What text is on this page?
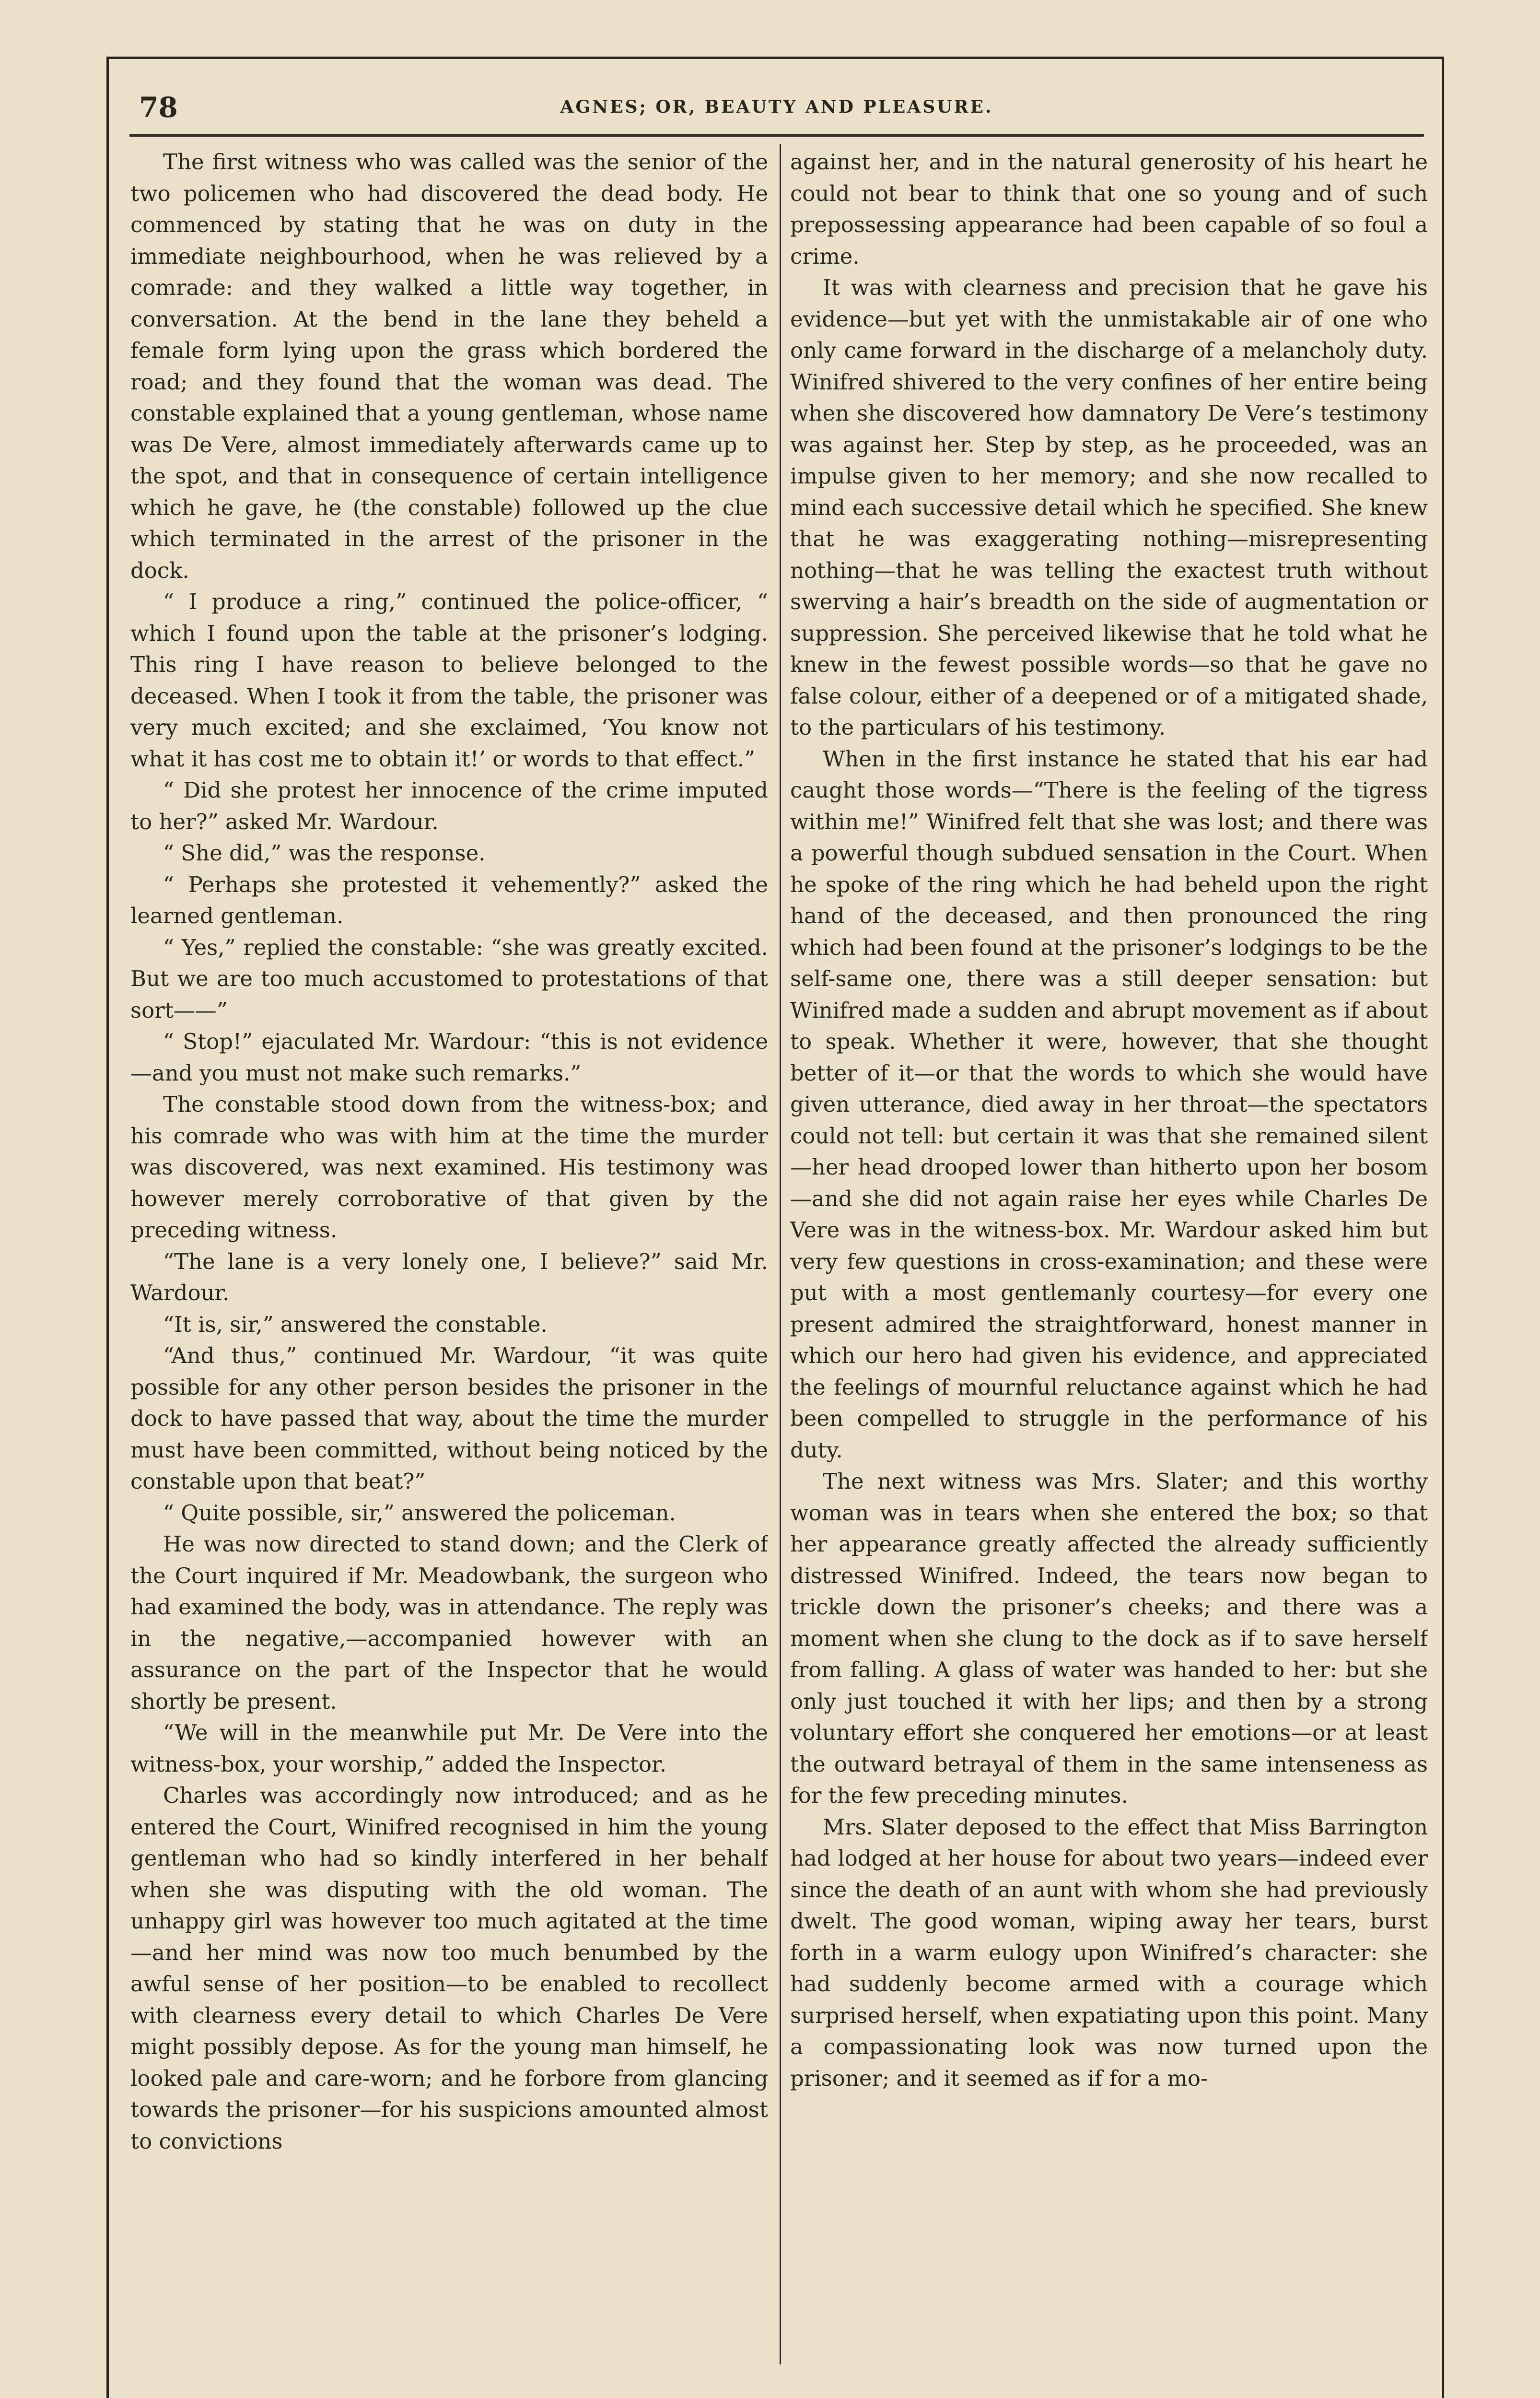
78	AGNES; OR, BEAUTY AND PLEASURE.

The first witness who was called was the senior of the two policemen who had discovered the dead body. He commenced by stating that he was on duty in the immediate neighbourhood, when he was relieved by a comrade: and they walked a little way together, in conversation. At the bend in the lane they beheld a female form lying upon the grass which bordered the road; and they found that the woman was dead. The constable explained that a young gentleman, whose name was De Vere, almost immediately afterwards came up to the spot, and that in consequence of certain intelligence which he gave, he (the constable) followed up the clue which terminated in the arrest of the prisoner in the dock.

“ I produce a ring,” continued the police-officer, “ which I found upon the table at the prisoner’s lodging. This ring I have reason to believe belonged to the deceased. When I took it from the table, the prisoner was very much excited; and she exclaimed, ‘You know not what it has cost me to obtain it!’ or words to that effect.”

“ Did she protest her innocence of the crime imputed to her?” asked Mr. Wardour.

“ She did,” was the response.

“ Perhaps she protested it vehemently?” asked the learned gentleman.

“ Yes,” replied the constable: “she was greatly excited. But we are too much accustomed to protestations of that sort——”

“ Stop!” ejaculated Mr. Wardour: “this is not evidence—and you must not make such remarks.”

The constable stood down from the witness-box; and his comrade who was with him at the time the murder was discovered, was next examined. His testimony was however merely corroborative of that given by the preceding witness.

“The lane is a very lonely one, I believe?” said Mr. Wardour.

“It is, sir,” answered the constable.

“And thus,” continued Mr. Wardour, “it was quite possible for any other person besides the prisoner in the dock to have passed that way, about the time the murder must have been committed, without being noticed by the constable upon that beat?”

“ Quite possible, sir,” answered the policeman.

He was now directed to stand down; and the Clerk of the Court inquired if Mr. Meadowbank, the surgeon who had examined the body, was in attendance. The reply was in the negative,—accompanied however with an assurance on the part of the Inspector that he would shortly be present.

“We will in the meanwhile put Mr. De Vere into the witness-box, your worship,” added the Inspector.

Charles was accordingly now introduced; and as he entered the Court, Winifred recognised in him the young gentleman who had so kindly interfered in her behalf when she was disputing with the old woman. The unhappy girl was however too much agitated at the time—and her mind was now too much benumbed by the awful sense of her position—to be enabled to recollect with clearness every detail to which Charles De Vere might possibly depose. As for the young man himself, he looked pale and care-worn; and he forbore from glancing towards the prisoner—for his suspicions amounted almost to convictions

against her, and in the natural generosity of his heart he could not bear to think that one so young and of such prepossessing appearance had been capable of so foul a crime.

It was with clearness and precision that he gave his evidence—but yet with the unmistakable air of one who only came forward in the discharge of a melancholy duty. Winifred shivered to the very confines of her entire being when she discovered how damnatory De Vere’s testimony was against her. Step by step, as he proceeded, was an impulse given to her memory; and she now recalled to mind each successive detail which he specified. She knew that he was exaggerating nothing—misrepresenting nothing—that he was telling the exactest truth without swerving a hair’s breadth on the side of augmentation or suppression. She perceived likewise that he told what he knew in the fewest possible words—so that he gave no false colour, either of a deepened or of a mitigated shade, to the particulars of his testimony.

When in the first instance he stated that his ear had caught those words—“There is the feeling of the tigress within me!” Winifred felt that she was lost; and there was a powerful though subdued sensation in the Court. When he spoke of the ring which he had beheld upon the right hand of the deceased, and then pronounced the ring which had been found at the prisoner’s lodgings to be the self-same one, there was a still deeper sensation: but Winifred made a sudden and abrupt movement as if about to speak. Whether it were, however, that she thought better of it—or that the words to which she would have given utterance, died away in her throat—the spectators could not tell: but certain it was that she remained silent—her head drooped lower than hitherto upon her bosom—and she did not again raise her eyes while Charles De Vere was in the witness-box. Mr. Wardour asked him but very few questions in cross-examination; and these were put with a most gentlemanly courtesy—for every one present admired the straightforward, honest manner in which our hero had given his evidence, and appreciated the feelings of mournful reluctance against which he had been compelled to struggle in the performance of his duty.

The next witness was Mrs. Slater; and this worthy woman was in tears when she entered the box; so that her appearance greatly affected the already sufficiently distressed Winifred. Indeed, the tears now began to trickle down the prisoner’s cheeks; and there was a moment when she clung to the dock as if to save herself from falling. A glass of water was handed to her: but she only just touched it with her lips; and then by a strong voluntary effort she conquered her emotions—or at least the outward betrayal of them in the same intenseness as for the few preceding minutes.

Mrs. Slater deposed to the effect that Miss Barrington had lodged at her house for about two years—indeed ever since the death of an aunt with whom she had previously dwelt. The good woman, wiping away her tears, burst forth in a warm eulogy upon Winifred’s character: she had suddenly become armed with a courage which surprised herself, when expatiating upon this point. Many a compassionating look was now turned upon the prisoner; and it seemed as if for a mo-
